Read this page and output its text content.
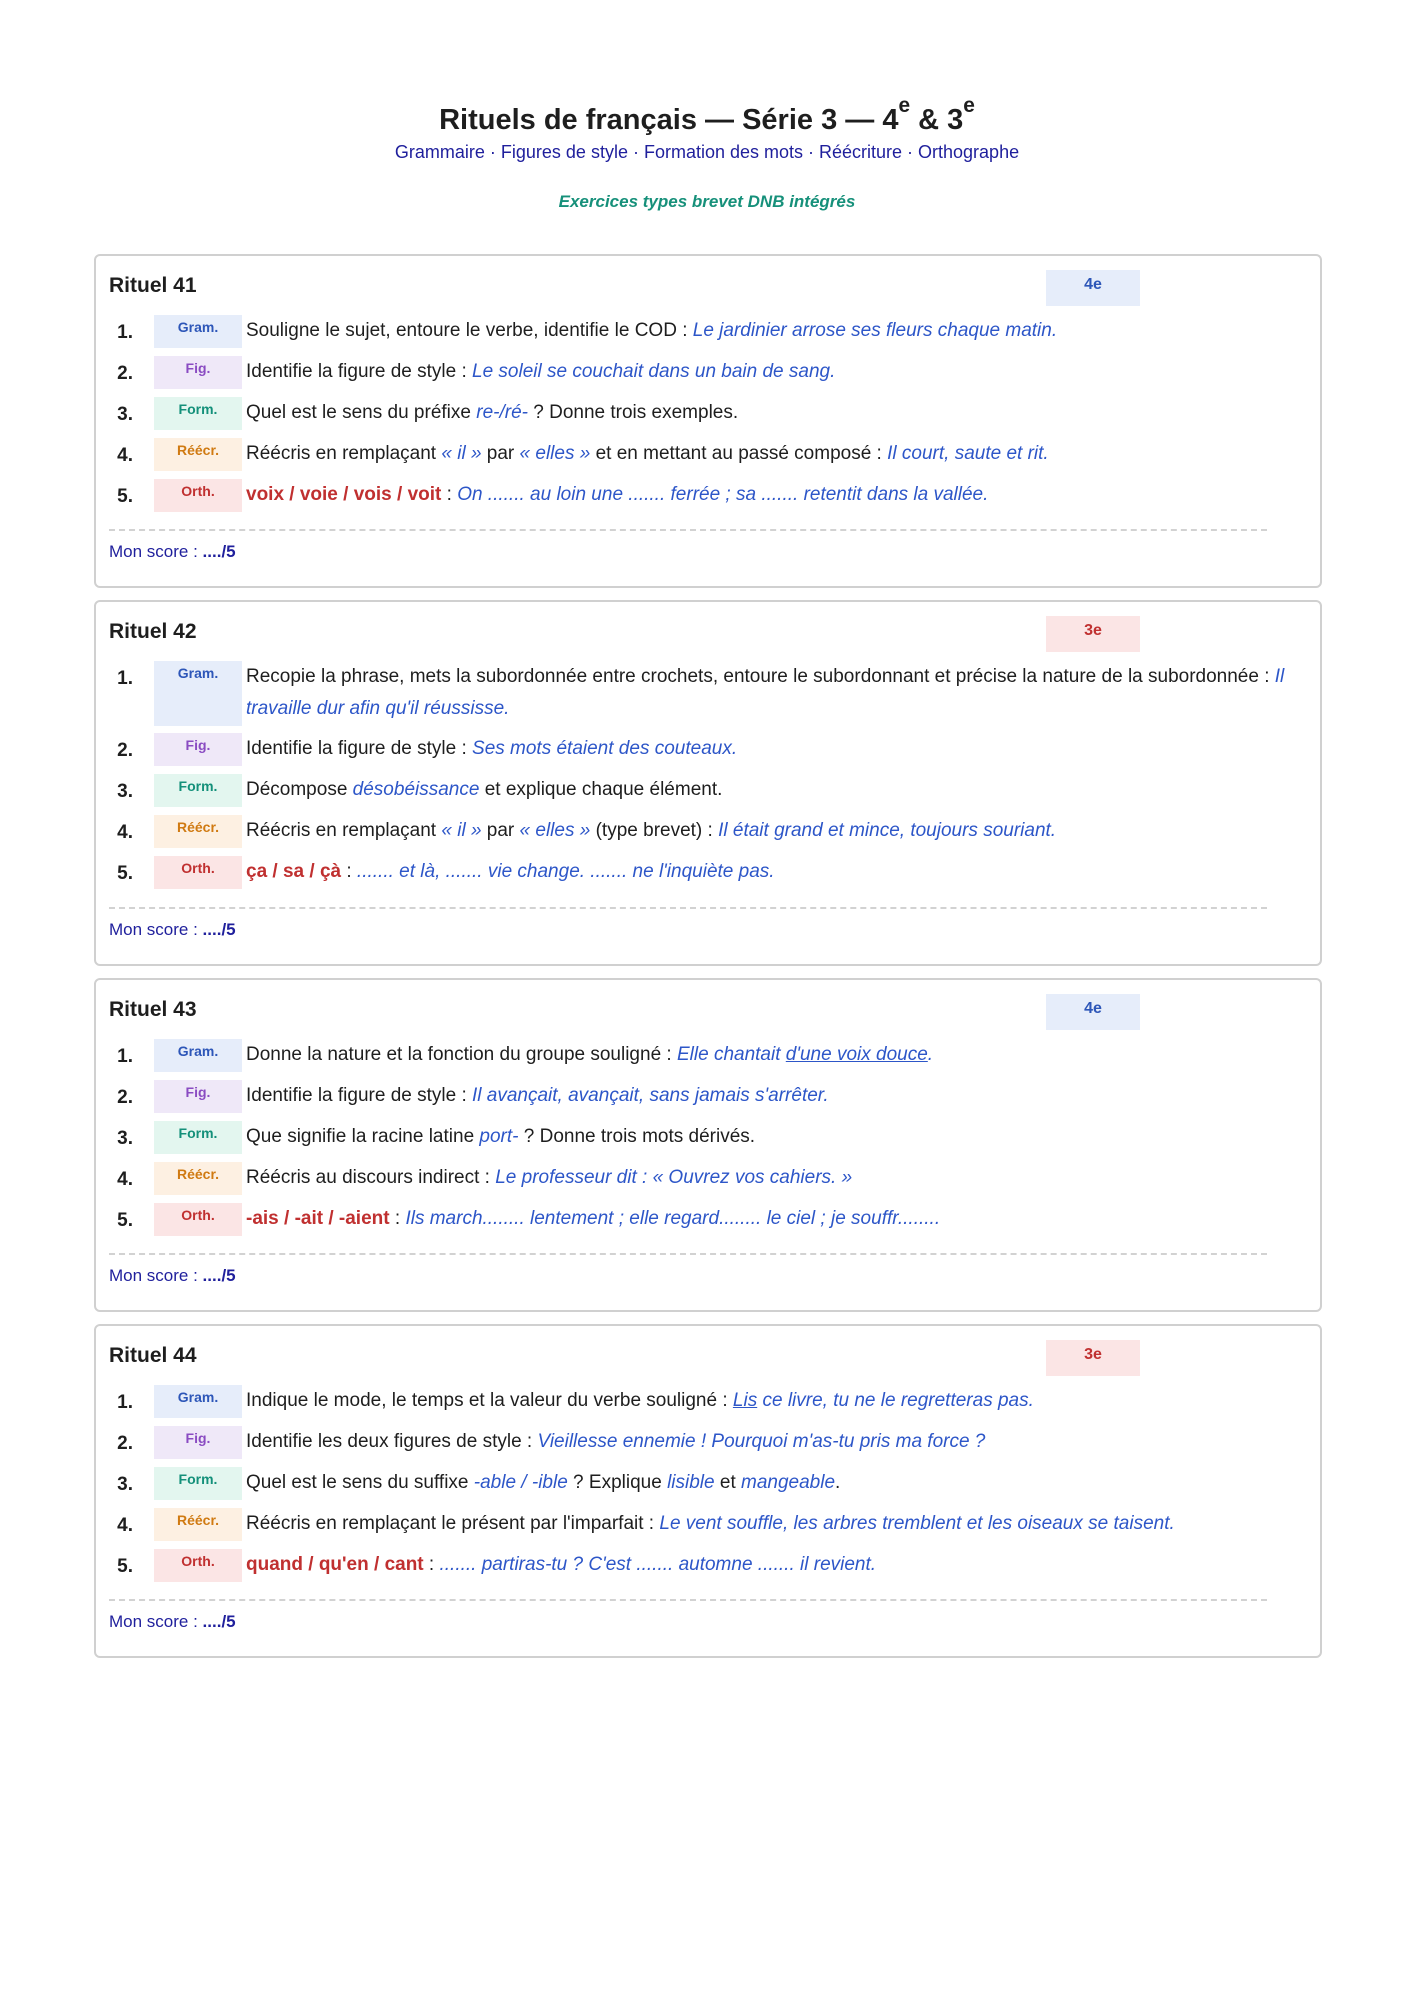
Rituels de français — Série 3 — 4e & 3e
Grammaire · Figures de style · Formation des mots · Réécriture · Orthographe
Exercices types brevet DNB intégrés
Rituel 41	4e
1.	Gram.	Souligne le sujet, entoure le verbe, identifie le COD : Le jardinier arrose ses fleurs chaque matin.
2.	Fig.	Identifie la figure de style : Le soleil se couchait dans un bain de sang.
3.	Form.	Quel est le sens du préfixe re-/ré- ? Donne trois exemples.
4.	Réécr.	Réécris en remplaçant « il » par « elles » et en mettant au passé composé : Il court, saute et rit.
5.	Orth.	voix / voie / vois / voit : On ....... au loin une ....... ferrée ; sa ....... retentit dans la vallée.
Mon score : ..../5
Rituel 42	3e
1.	Gram.	Recopie la phrase, mets la subordonnée entre crochets, entoure le subordonnant et précise la nature de la subordonnée : Il travaille dur afin qu'il réussisse.
2.	Fig.	Identifie la figure de style : Ses mots étaient des couteaux.
3.	Form.	Décompose désobéissance et explique chaque élément.
4.	Réécr.	Réécris en remplaçant « il » par « elles » (type brevet) : Il était grand et mince, toujours souriant.
5.	Orth.	ça / sa / çà : ....... et là, ....... vie change. ....... ne l'inquiète pas.
Mon score : ..../5
Rituel 43	4e
1.	Gram.	Donne la nature et la fonction du groupe souligné : Elle chantait d'une voix douce.
2.	Fig.	Identifie la figure de style : Il avançait, avançait, sans jamais s'arrêter.
3.	Form.	Que signifie la racine latine port- ? Donne trois mots dérivés.
4.	Réécr.	Réécris au discours indirect : Le professeur dit : « Ouvrez vos cahiers. »
5.	Orth.	-ais / -ait / -aient : Ils march........ lentement ; elle regard........ le ciel ; je souffr........
Mon score : ..../5
Rituel 44	3e
1.	Gram.	Indique le mode, le temps et la valeur du verbe souligné : Lis ce livre, tu ne le regretteras pas.
2.	Fig.	Identifie les deux figures de style : Vieillesse ennemie ! Pourquoi m'as-tu pris ma force ?
3.	Form.	Quel est le sens du suffixe -able / -ible ? Explique lisible et mangeable.
4.	Réécr.	Réécris en remplaçant le présent par l'imparfait : Le vent souffle, les arbres tremblent et les oiseaux se taisent.
5.	Orth.	quand / qu'en / cant : ....... partiras-tu ? C'est ....... automne ....... il revient.
Mon score : ..../5
